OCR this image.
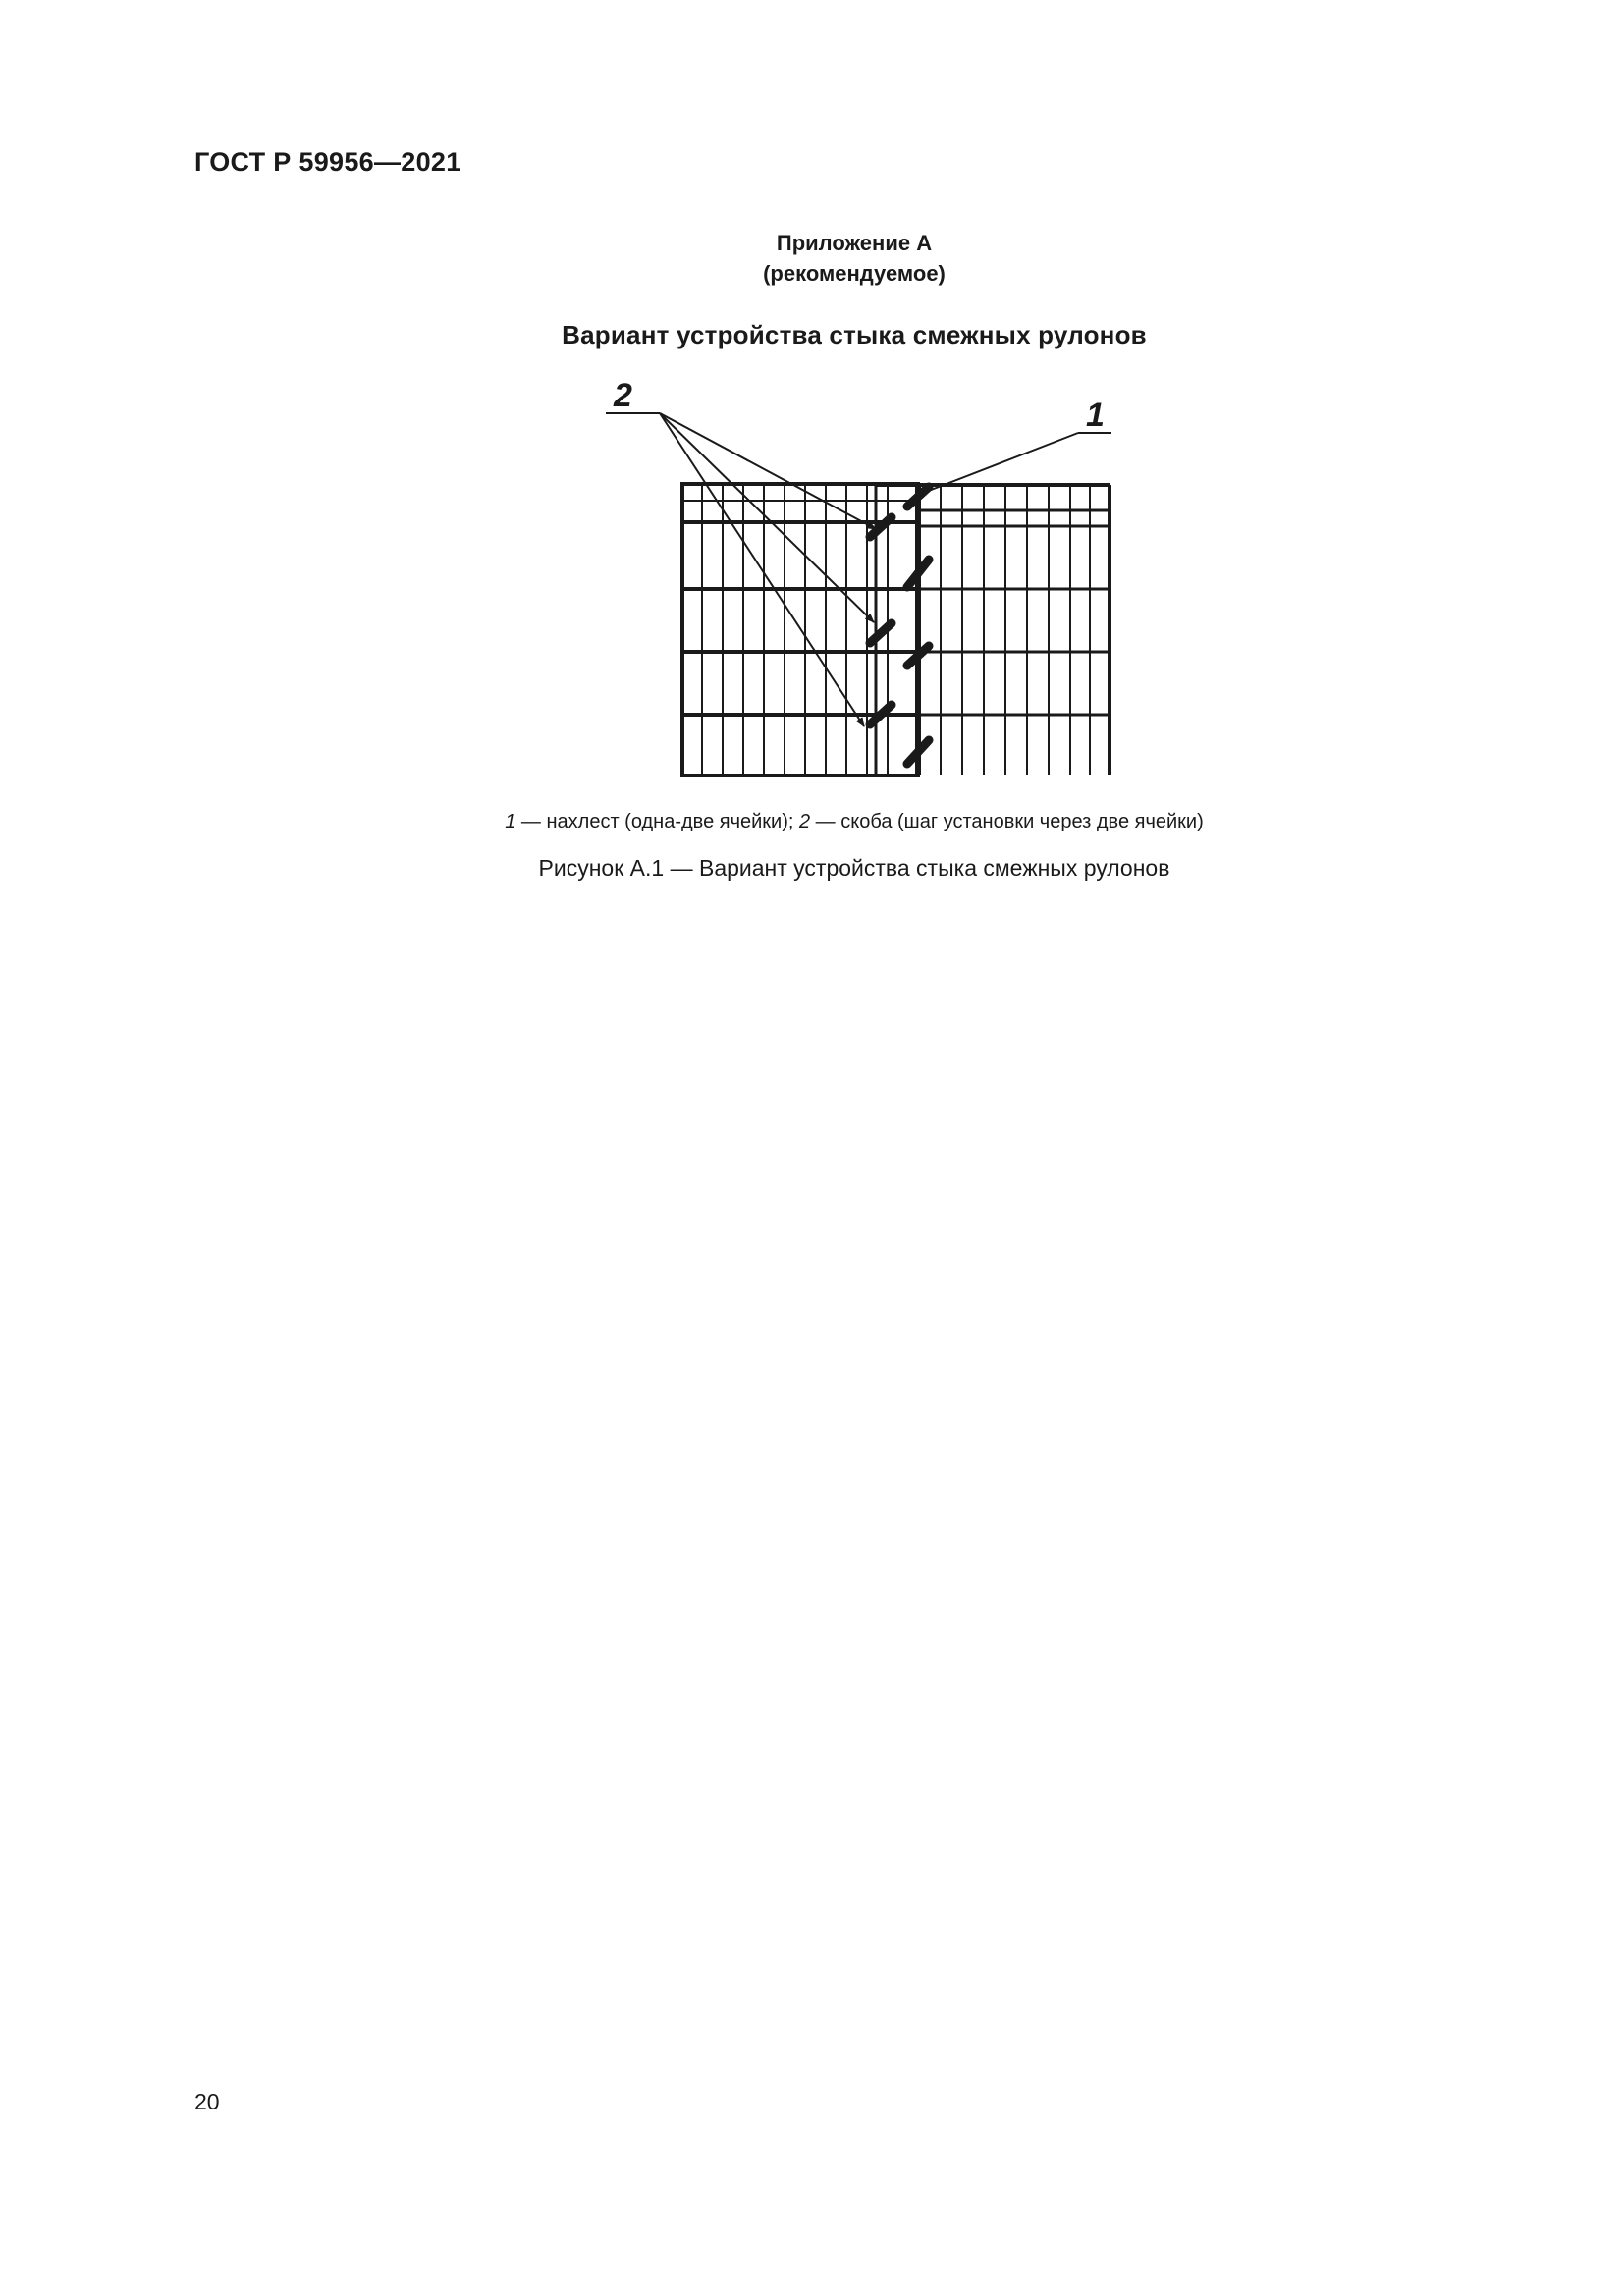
ГОСТ Р 59956—2021
Приложение А
(рекомендуемое)
Вариант устройства стыка смежных рулонов
2
1
1 — нахлест (одна-две ячейки); 2 — скоба (шаг установки через две ячейки)
Рисунок А.1 — Вариант устройства стыка смежных рулонов
20
